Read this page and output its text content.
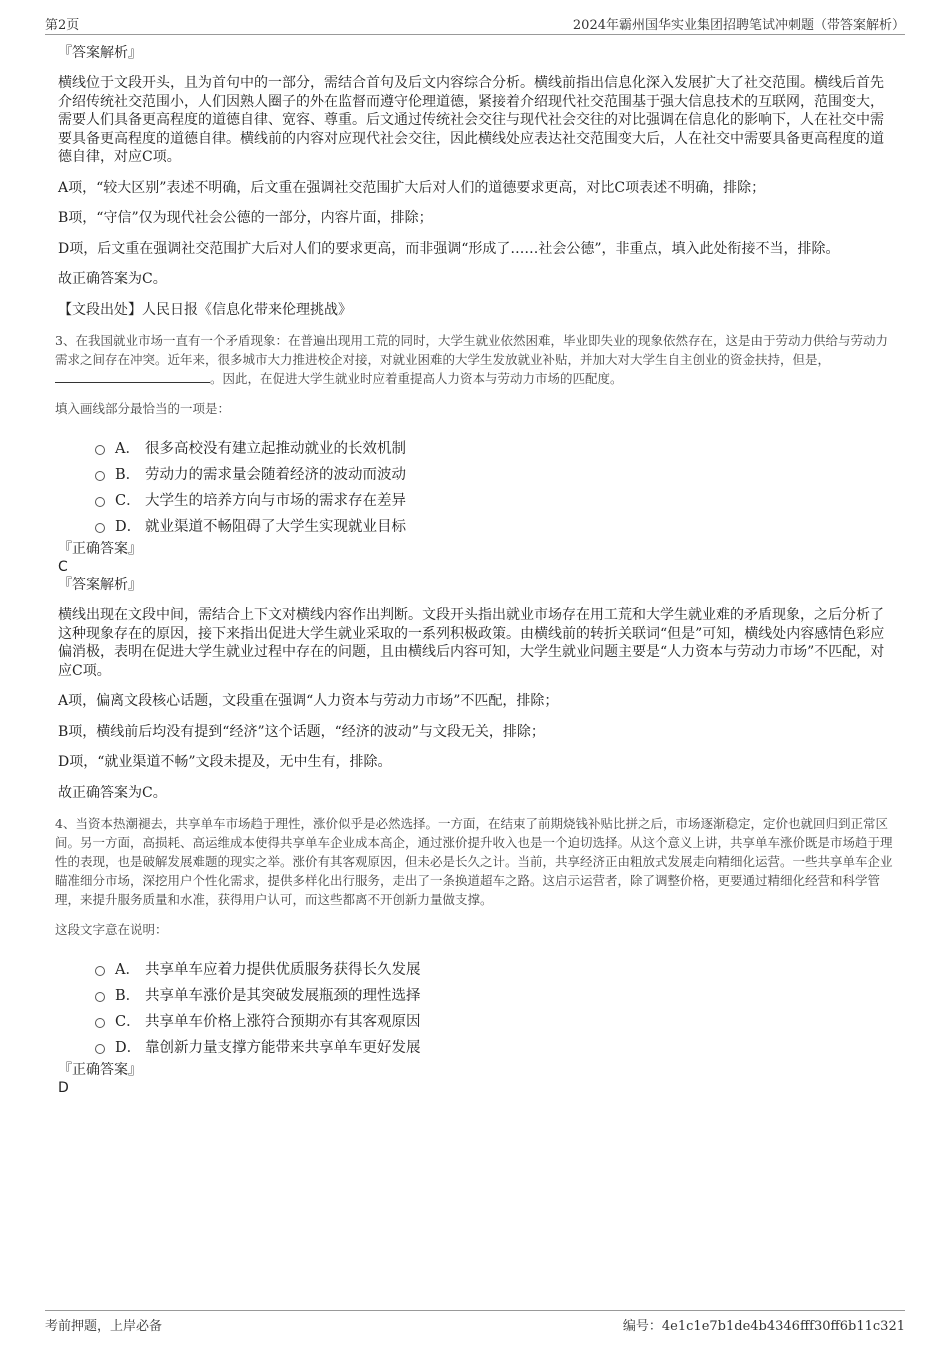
第2页	2024年霸州国华实业集团招聘笔试冲刺题（带答案解析）
『答案解析』

横线位于文段开头，且为首句中的一部分，需结合首句及后文内容综合分析。横线前指出信息化深入发展扩大了社交范围。横线后首先介绍传统社交范围小，人们因熟人圈子的外在监督而遵守伦理道德，紧接着介绍现代社交范围基于强大信息技术的互联网，范围变大，需要人们具备更高程度的道德自律、宽容、尊重。后文通过传统社会交往与现代社会交往的对比强调在信息化的影响下，人在社交中需要具备更高程度的道德自律。横线前的内容对应现代社会交往，因此横线处应表达社交范围变大后，人在社交中需要具备更高程度的道德自律，对应C项。

A项，“较大区别”表述不明确，后文重在强调社交范围扩大后对人们的道德要求更高，对比C项表述不明确，排除；

B项，“守信”仅为现代社会公德的一部分，内容片面，排除；

D项，后文重在强调社交范围扩大后对人们的要求更高，而非强调“形成了……社会公德”，非重点，填入此处衔接不当，排除。

故正确答案为C。

【文段出处】人民日报《信息化带来伦理挑战》

3、在我国就业市场一直有一个矛盾现象：在普遍出现用工荒的同时，大学生就业依然困难，毕业即失业的现象依然存在，这是由于劳动力供给与劳动力需求之间存在冲突。近年来，很多城市大力推进校企对接，对就业困难的大学生发放就业补贴，并加大对大学生自主创业的资金扶持，但是，。因此，在促进大学生就业时应着重提高人力资本与劳动力市场的匹配度。

填入画线部分最恰当的一项是：

A． 很多高校没有建立起推动就业的长效机制
B． 劳动力的需求量会随着经济的波动而波动
C． 大学生的培养方向与市场的需求存在差异
D． 就业渠道不畅阻碍了大学生实现就业目标
『正确答案』
C
『答案解析』

横线出现在文段中间，需结合上下文对横线内容作出判断。文段开头指出就业市场存在用工荒和大学生就业难的矛盾现象，之后分析了这种现象存在的原因，接下来指出促进大学生就业采取的一系列积极政策。由横线前的转折关联词“但是”可知，横线处内容感情色彩应偏消极，表明在促进大学生就业过程中存在的问题，且由横线后内容可知，大学生就业问题主要是“人力资本与劳动力市场”不匹配，对应C项。

A项，偏离文段核心话题，文段重在强调“人力资本与劳动力市场”不匹配，排除；

B项，横线前后均没有提到“经济”这个话题，“经济的波动”与文段无关，排除；

D项，“就业渠道不畅”文段未提及，无中生有，排除。

故正确答案为C。

4、当资本热潮褪去，共享单车市场趋于理性，涨价似乎是必然选择。一方面，在结束了前期烧钱补贴比拼之后，市场逐渐稳定，定价也就回归到正常区间。另一方面，高损耗、高运维成本使得共享单车企业成本高企，通过涨价提升收入也是一个迫切选择。从这个意义上讲，共享单车涨价既是市场趋于理性的表现，也是破解发展难题的现实之举。涨价有其客观原因，但未必是长久之计。当前，共享经济正由粗放式发展走向精细化运营。一些共享单车企业瞄准细分市场，深挖用户个性化需求，提供多样化出行服务，走出了一条换道超车之路。这启示运营者，除了调整价格，更要通过精细化经营和科学管理，来提升服务质量和水准，获得用户认可，而这些都离不开创新力量做支撑。

这段文字意在说明：

A． 共享单车应着力提供优质服务获得长久发展
B． 共享单车涨价是其突破发展瓶颈的理性选择
C． 共享单车价格上涨符合预期亦有其客观原因
D． 靠创新力量支撑方能带来共享单车更好发展
『正确答案』
D
考前押题，上岸必备	编号：4e1c1e7b1de4b4346fff30ff6b11c321
